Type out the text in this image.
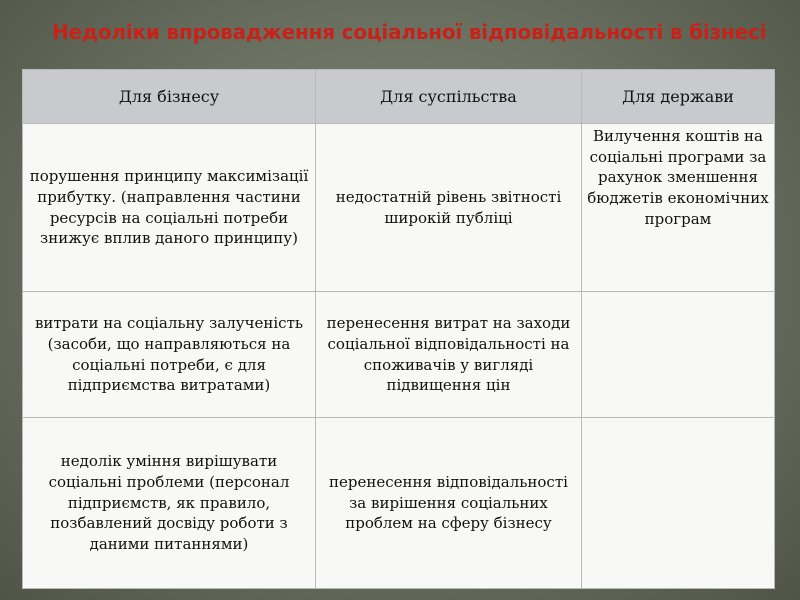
Недоліки впровадження соціальної відповідальності в бізнесі
Для бізнесу	Для суспільства	Для держави

порушення принципу максимізації прибутку. (направлення частини ресурсів на соціальні потреби знижує вплив даного принципу)	недостатній рівень звітності широкій публіці	Вилучення коштів на соціальні програми за рахунок зменшення бюджетів економічних програм

витрати на соціальну залученість (засоби, що направляються на соціальні потреби, є для підприємства витратами)	перенесення витрат на заходи соціальної відповідальності на споживачів у вигляді підвищення цін	

недолік уміння вирішувати соціальні проблеми (персонал підприємств, як правило, позбавлений досвіду роботи з даними питаннями)	перенесення відповідальності за вирішення соціальних проблем на сферу бізнесу	
